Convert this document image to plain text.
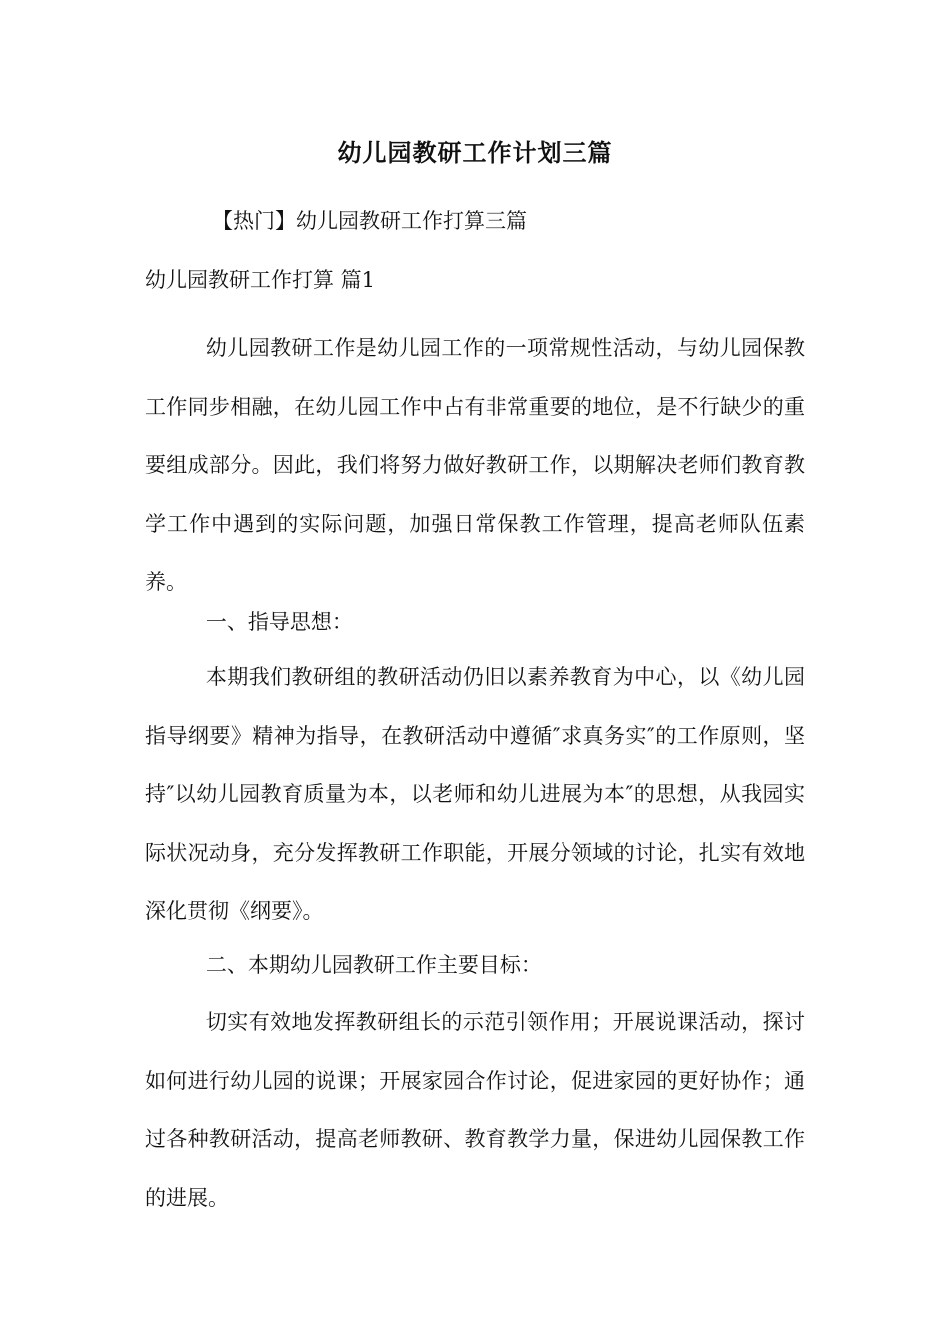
幼儿园教研工作计划三篇
【热门】幼儿园教研工作打算三篇
幼儿园教研工作打算 篇1

幼儿园教研工作是幼儿园工作的一项常规性活动，与幼儿园保教工作同步相融，在幼儿园工作中占有非常重要的地位，是不行缺少的重要组成部分。因此，我们将努力做好教研工作，以期解决老师们教育教学工作中遇到的实际问题，加强日常保教工作管理，提高老师队伍素养。

一、指导思想：

本期我们教研组的教研活动仍旧以素养教育为中心，以《幼儿园指导纲要》精神为指导，在教研活动中遵循″求真务实″的工作原则，坚持″以幼儿园教育质量为本，以老师和幼儿进展为本″的思想，从我园实际状况动身，充分发挥教研工作职能，开展分领域的讨论，扎实有效地深化贯彻《纲要》。

二、本期幼儿园教研工作主要目标：

切实有效地发挥教研组长的示范引领作用；开展说课活动，探讨如何进行幼儿园的说课；开展家园合作讨论，促进家园的更好协作；通过各种教研活动，提高老师教研、教育教学力量，保进幼儿园保教工作的进展。
